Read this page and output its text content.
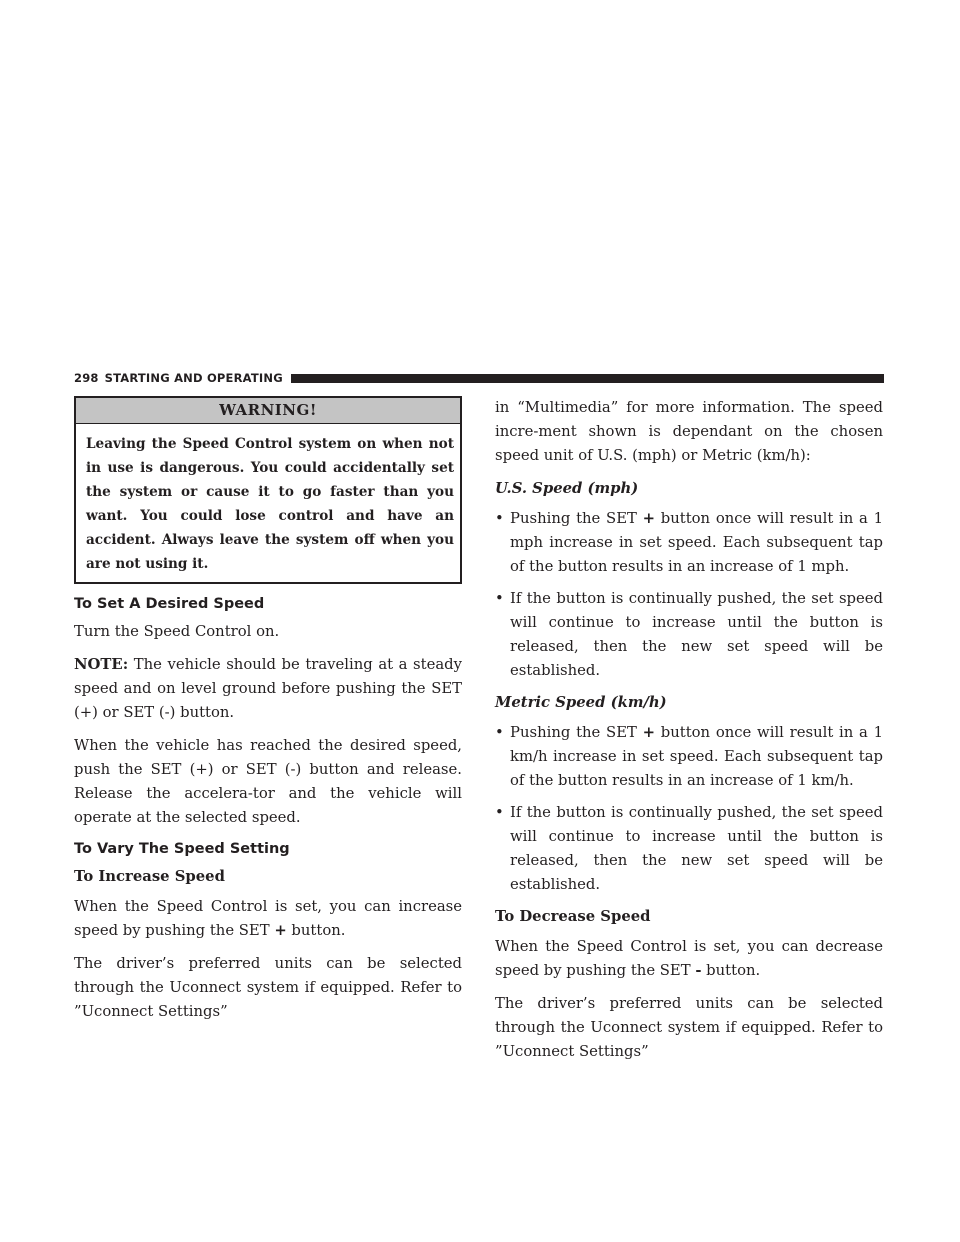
298 STARTING AND OPERATING
WARNING!
Leaving the Speed Control system on when not in use is dangerous. You could accidentally set the system or cause it to go faster than you want. You could lose control and have an accident. Always leave the system off when you are not using it.
To Set A Desired Speed

Turn the Speed Control on.

NOTE: The vehicle should be traveling at a steady speed and on level ground before pushing the SET (+) or SET (-) button.

When the vehicle has reached the desired speed, push the SET (+) or SET (-) button and release. Release the accelera-tor and the vehicle will operate at the selected speed.

To Vary The Speed Setting

To Increase Speed

When the Speed Control is set, you can increase speed by pushing the SET + button.

The driver’s preferred units can be selected through the Uconnect system if equipped. Refer to ”Uconnect Settings”

in “Multimedia” for more information. The speed incre-ment shown is dependant on the chosen speed unit of U.S. (mph) or Metric (km/h):

U.S. Speed (mph)

• Pushing the SET + button once will result in a 1 mph increase in set speed. Each subsequent tap of the button results in an increase of 1 mph.
• If the button is continually pushed, the set speed will continue to increase until the button is released, then the new set speed will be established.

Metric Speed (km/h)

• Pushing the SET + button once will result in a 1 km/h increase in set speed. Each subsequent tap of the button results in an increase of 1 km/h.
• If the button is continually pushed, the set speed will continue to increase until the button is released, then the new set speed will be established.

To Decrease Speed

When the Speed Control is set, you can decrease speed by pushing the SET - button.

The driver’s preferred units can be selected through the Uconnect system if equipped. Refer to ”Uconnect Settings”
